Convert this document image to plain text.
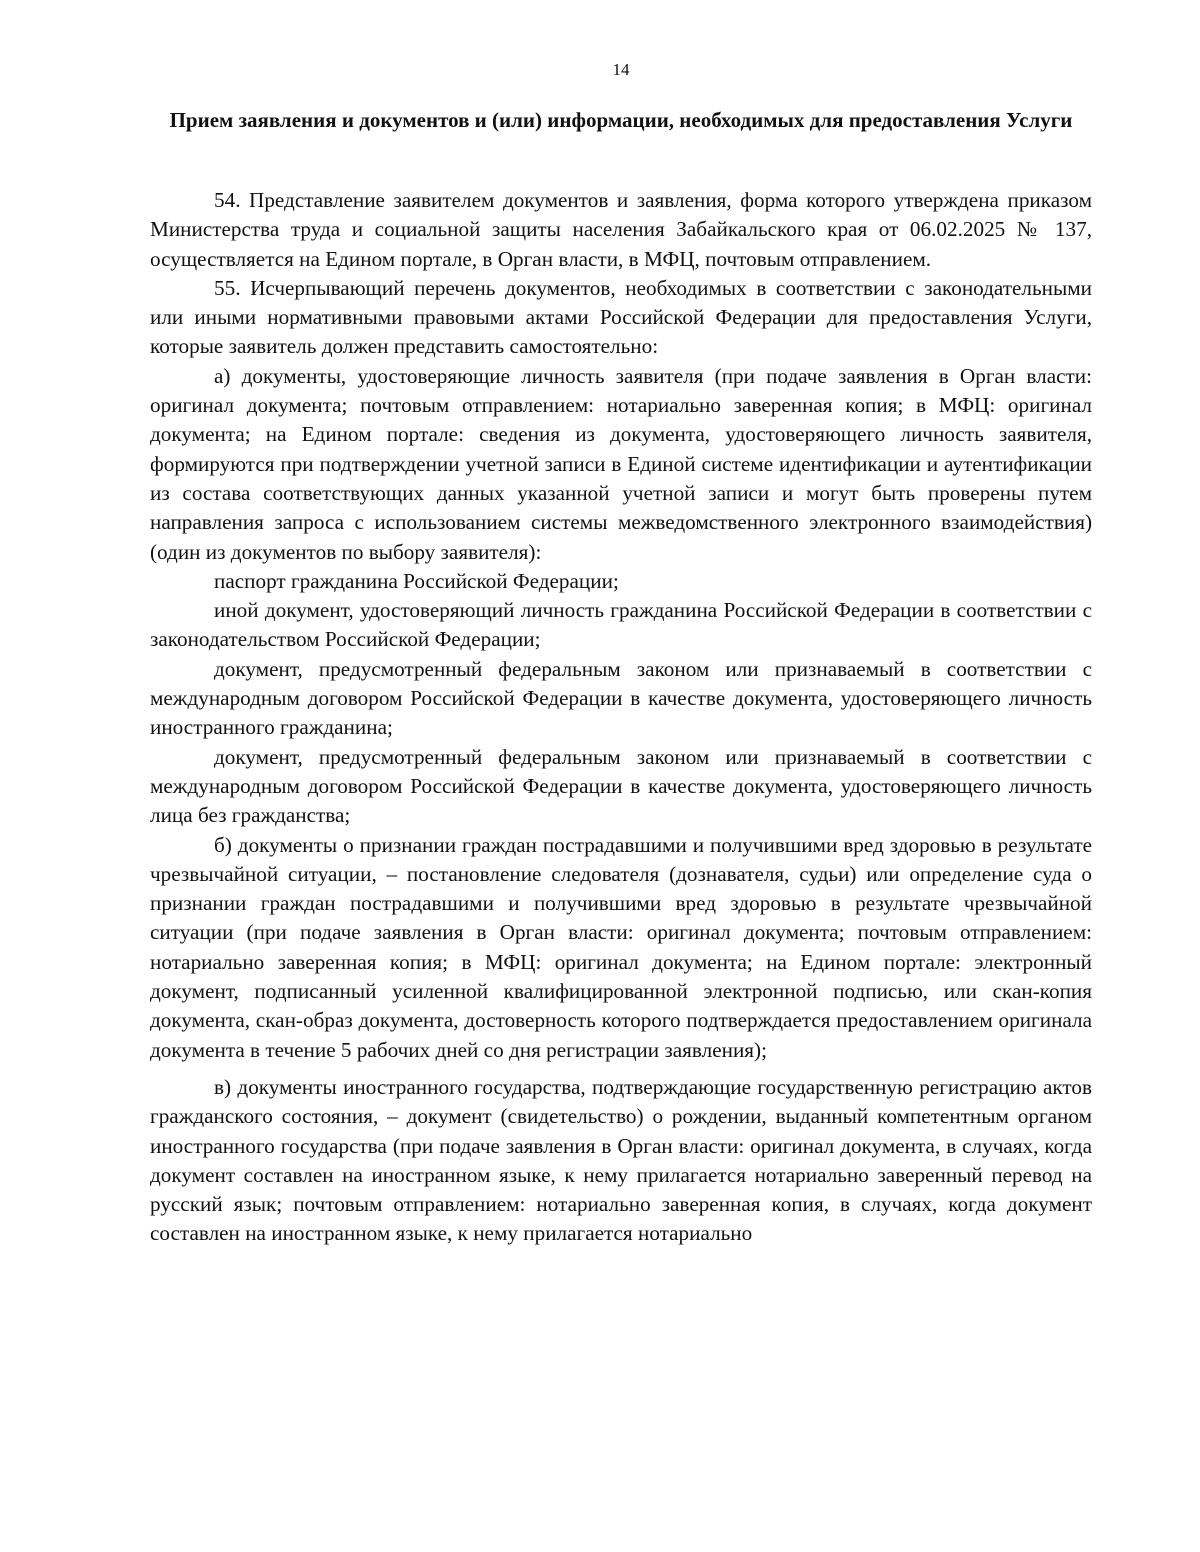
14
Прием заявления и документов и (или) информации, необходимых для предоставления Услуги

54. Представление заявителем документов и заявления, форма которого утверждена приказом Министерства труда и социальной защиты населения Забайкальского края от 06.02.2025 № 137, осуществляется на Едином портале, в Орган власти, в МФЦ, почтовым отправлением.

55. Исчерпывающий перечень документов, необходимых в соответствии с законодательными или иными нормативными правовыми актами Российской Федерации для предоставления Услуги, которые заявитель должен представить самостоятельно:

а) документы, удостоверяющие личность заявителя (при подаче заявления в Орган власти: оригинал документа; почтовым отправлением: нотариально заверенная копия; в МФЦ: оригинал документа; на Едином портале: сведения из документа, удостоверяющего личность заявителя, формируются при подтверждении учетной записи в Единой системе идентификации и аутентификации из состава соответствующих данных указанной учетной записи и могут быть проверены путем направления запроса с использованием системы межведомственного электронного взаимодействия) (один из документов по выбору заявителя):

паспорт гражданина Российской Федерации;

иной документ, удостоверяющий личность гражданина Российской Федерации в соответствии с законодательством Российской Федерации;

документ, предусмотренный федеральным законом или признаваемый в соответствии с международным договором Российской Федерации в качестве документа, удостоверяющего личность иностранного гражданина;

документ, предусмотренный федеральным законом или признаваемый в соответствии с международным договором Российской Федерации в качестве документа, удостоверяющего личность лица без гражданства;

б) документы о признании граждан пострадавшими и получившими вред здоровью в результате чрезвычайной ситуации, – постановление следователя (дознавателя, судьи) или определение суда о признании граждан пострадавшими и получившими вред здоровью в результате чрезвычайной ситуации (при подаче заявления в Орган власти: оригинал документа; почтовым отправлением: нотариально заверенная копия; в МФЦ: оригинал документа; на Едином портале: электронный документ, подписанный усиленной квалифицированной электронной подписью, или скан-копия документа, скан-образ документа, достоверность которого подтверждается предоставлением оригинала документа в течение 5 рабочих дней со дня регистрации заявления);

в) документы иностранного государства, подтверждающие государственную регистрацию актов гражданского состояния, – документ (свидетельство) о рождении, выданный компетентным органом иностранного государства (при подаче заявления в Орган власти: оригинал документа, в случаях, когда документ составлен на иностранном языке, к нему прилагается нотариально заверенный перевод на русский язык; почтовым отправлением: нотариально заверенная копия, в случаях, когда документ составлен на иностранном языке, к нему прилагается нотариально
